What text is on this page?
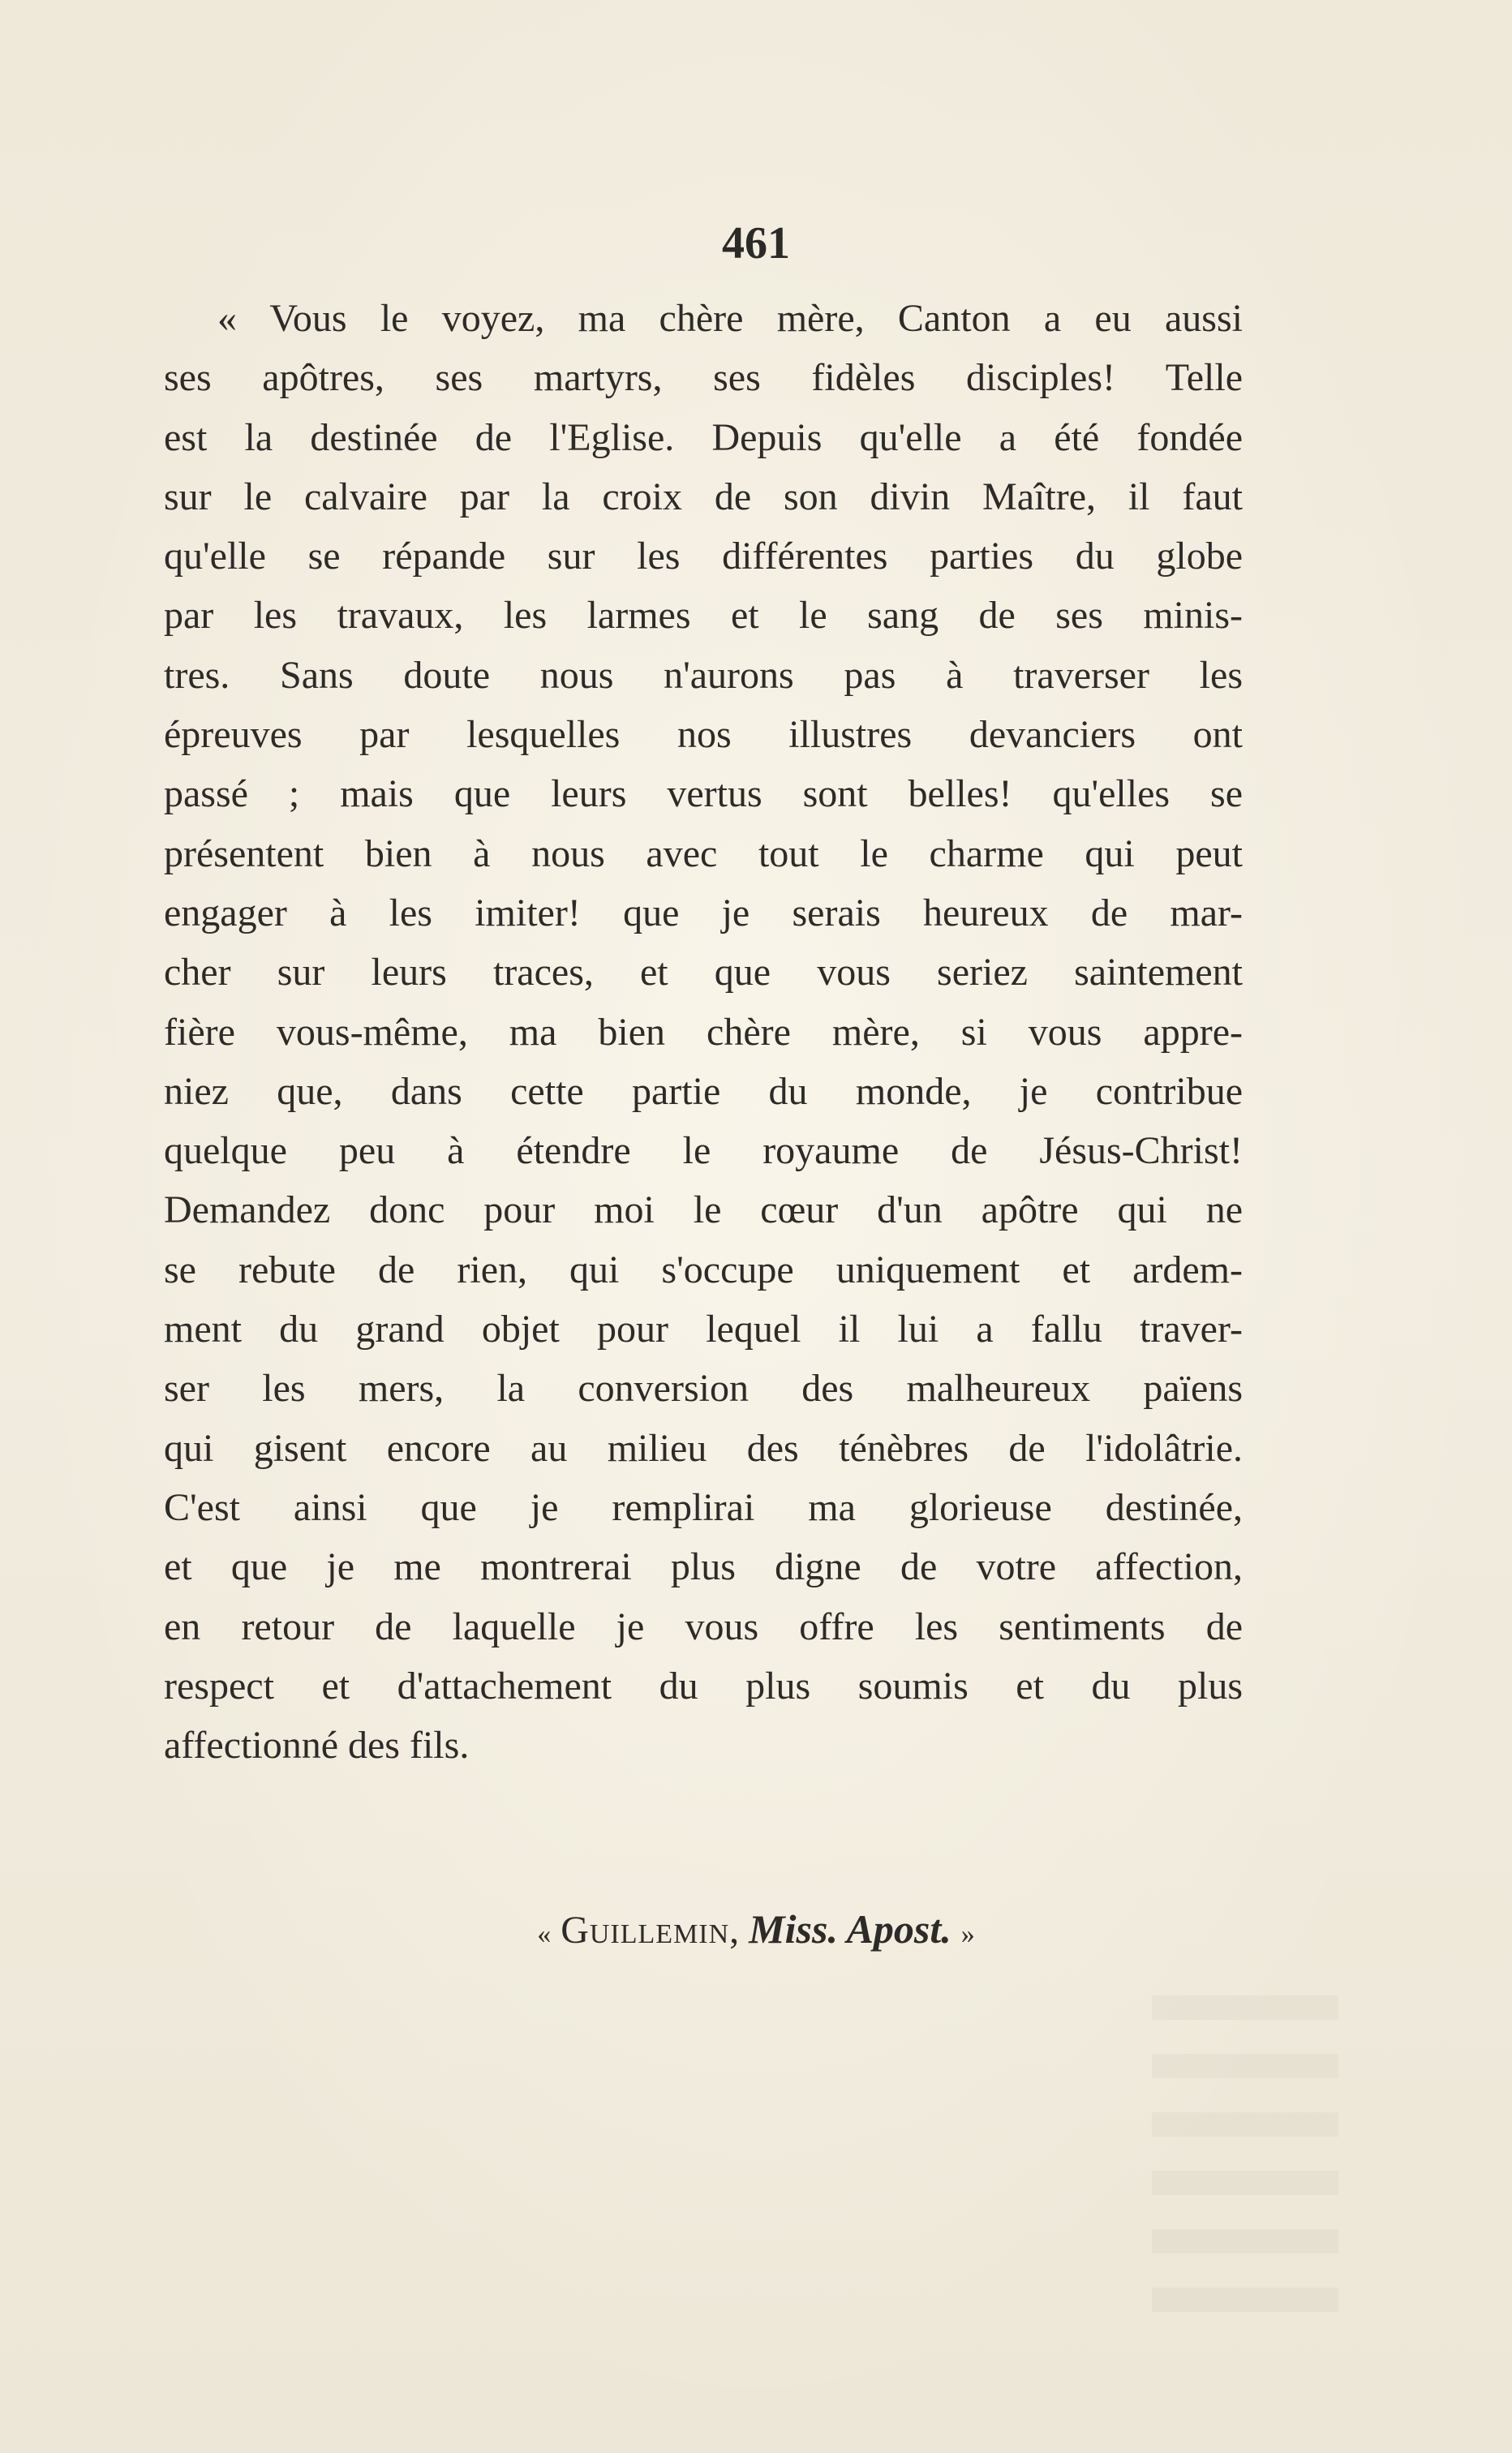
461
« Vous le voyez, ma chère mère, Canton a eu aussi
ses apôtres, ses martyrs, ses fidèles disciples! Telle
est la destinée de l'Eglise. Depuis qu'elle a été fondée
sur le calvaire par la croix de son divin Maître, il faut
qu'elle se répande sur les différentes parties du globe
par les travaux, les larmes et le sang de ses minis-
tres. Sans doute nous n'aurons pas à traverser les
épreuves par lesquelles nos illustres devanciers ont
passé ; mais que leurs vertus sont belles! qu'elles se
présentent bien à nous avec tout le charme qui peut
engager à les imiter! que je serais heureux de mar-
cher sur leurs traces, et que vous seriez saintement
fière vous-même, ma bien chère mère, si vous appre-
niez que, dans cette partie du monde, je contribue
quelque peu à étendre le royaume de Jésus-Christ!
Demandez donc pour moi le cœur d'un apôtre qui ne
se rebute de rien, qui s'occupe uniquement et ardem-
ment du grand objet pour lequel il lui a fallu traver-
ser les mers, la conversion des malheureux païens
qui gisent encore au milieu des ténèbres de l'idolâtrie.
C'est ainsi que je remplirai ma glorieuse destinée,
et que je me montrerai plus digne de votre affection,
en retour de laquelle je vous offre les sentiments de
respect et d'attachement du plus soumis et du plus
affectionné des fils.
« Guillemin, Miss. Apost. »
